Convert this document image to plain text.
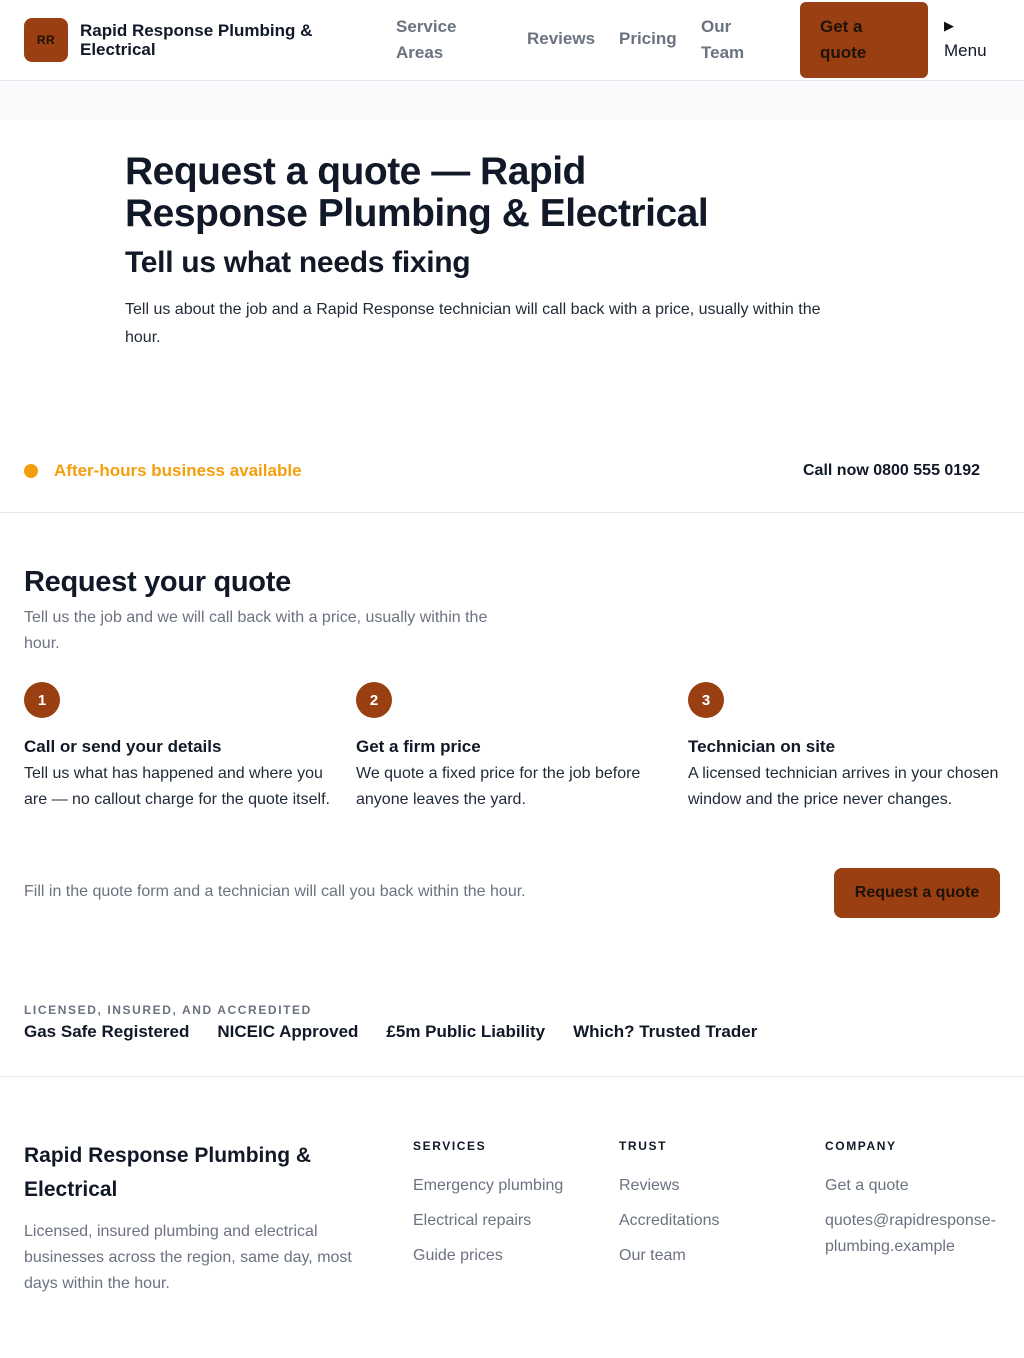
RR	Rapid Response Plumbing & Electrical
Service Areas
Reviews Pricing
Our Team
Get a quote
▶
Menu
Request a quote — Rapid Response Plumbing & Electrical
Tell us what needs fixing

Tell us about the job and a Rapid Response technician will call back with a price, usually within the hour.

After-hours business available	Call now 0800 555 0192
Request your quote

Tell us the job and we will call back with a price, usually within the hour.

1
Call or send your details
Tell us what has happened and where you are — no callout charge for the quote itself.
2
Get a firm price
We quote a fixed price for the job before anyone leaves the yard.
3
Technician on site
A licensed technician arrives in your chosen window and the price never changes.

Fill in the quote form and a technician will call you back within the hour.	Request a quote
LICENSED, INSURED, AND ACCREDITED
Gas Safe Registered NICEIC Approved £5m Public Liability Which? Trusted Trader
Rapid Response Plumbing & Electrical

Licensed, insured plumbing and electrical businesses across the region, same day, most days within the hour.

SERVICES
Emergency plumbing
Electrical repairs
Guide prices
TRUST
Reviews
Accreditations
Our team
COMPANY
Get a quote
quotes@rapidresponse-plumbing.example
